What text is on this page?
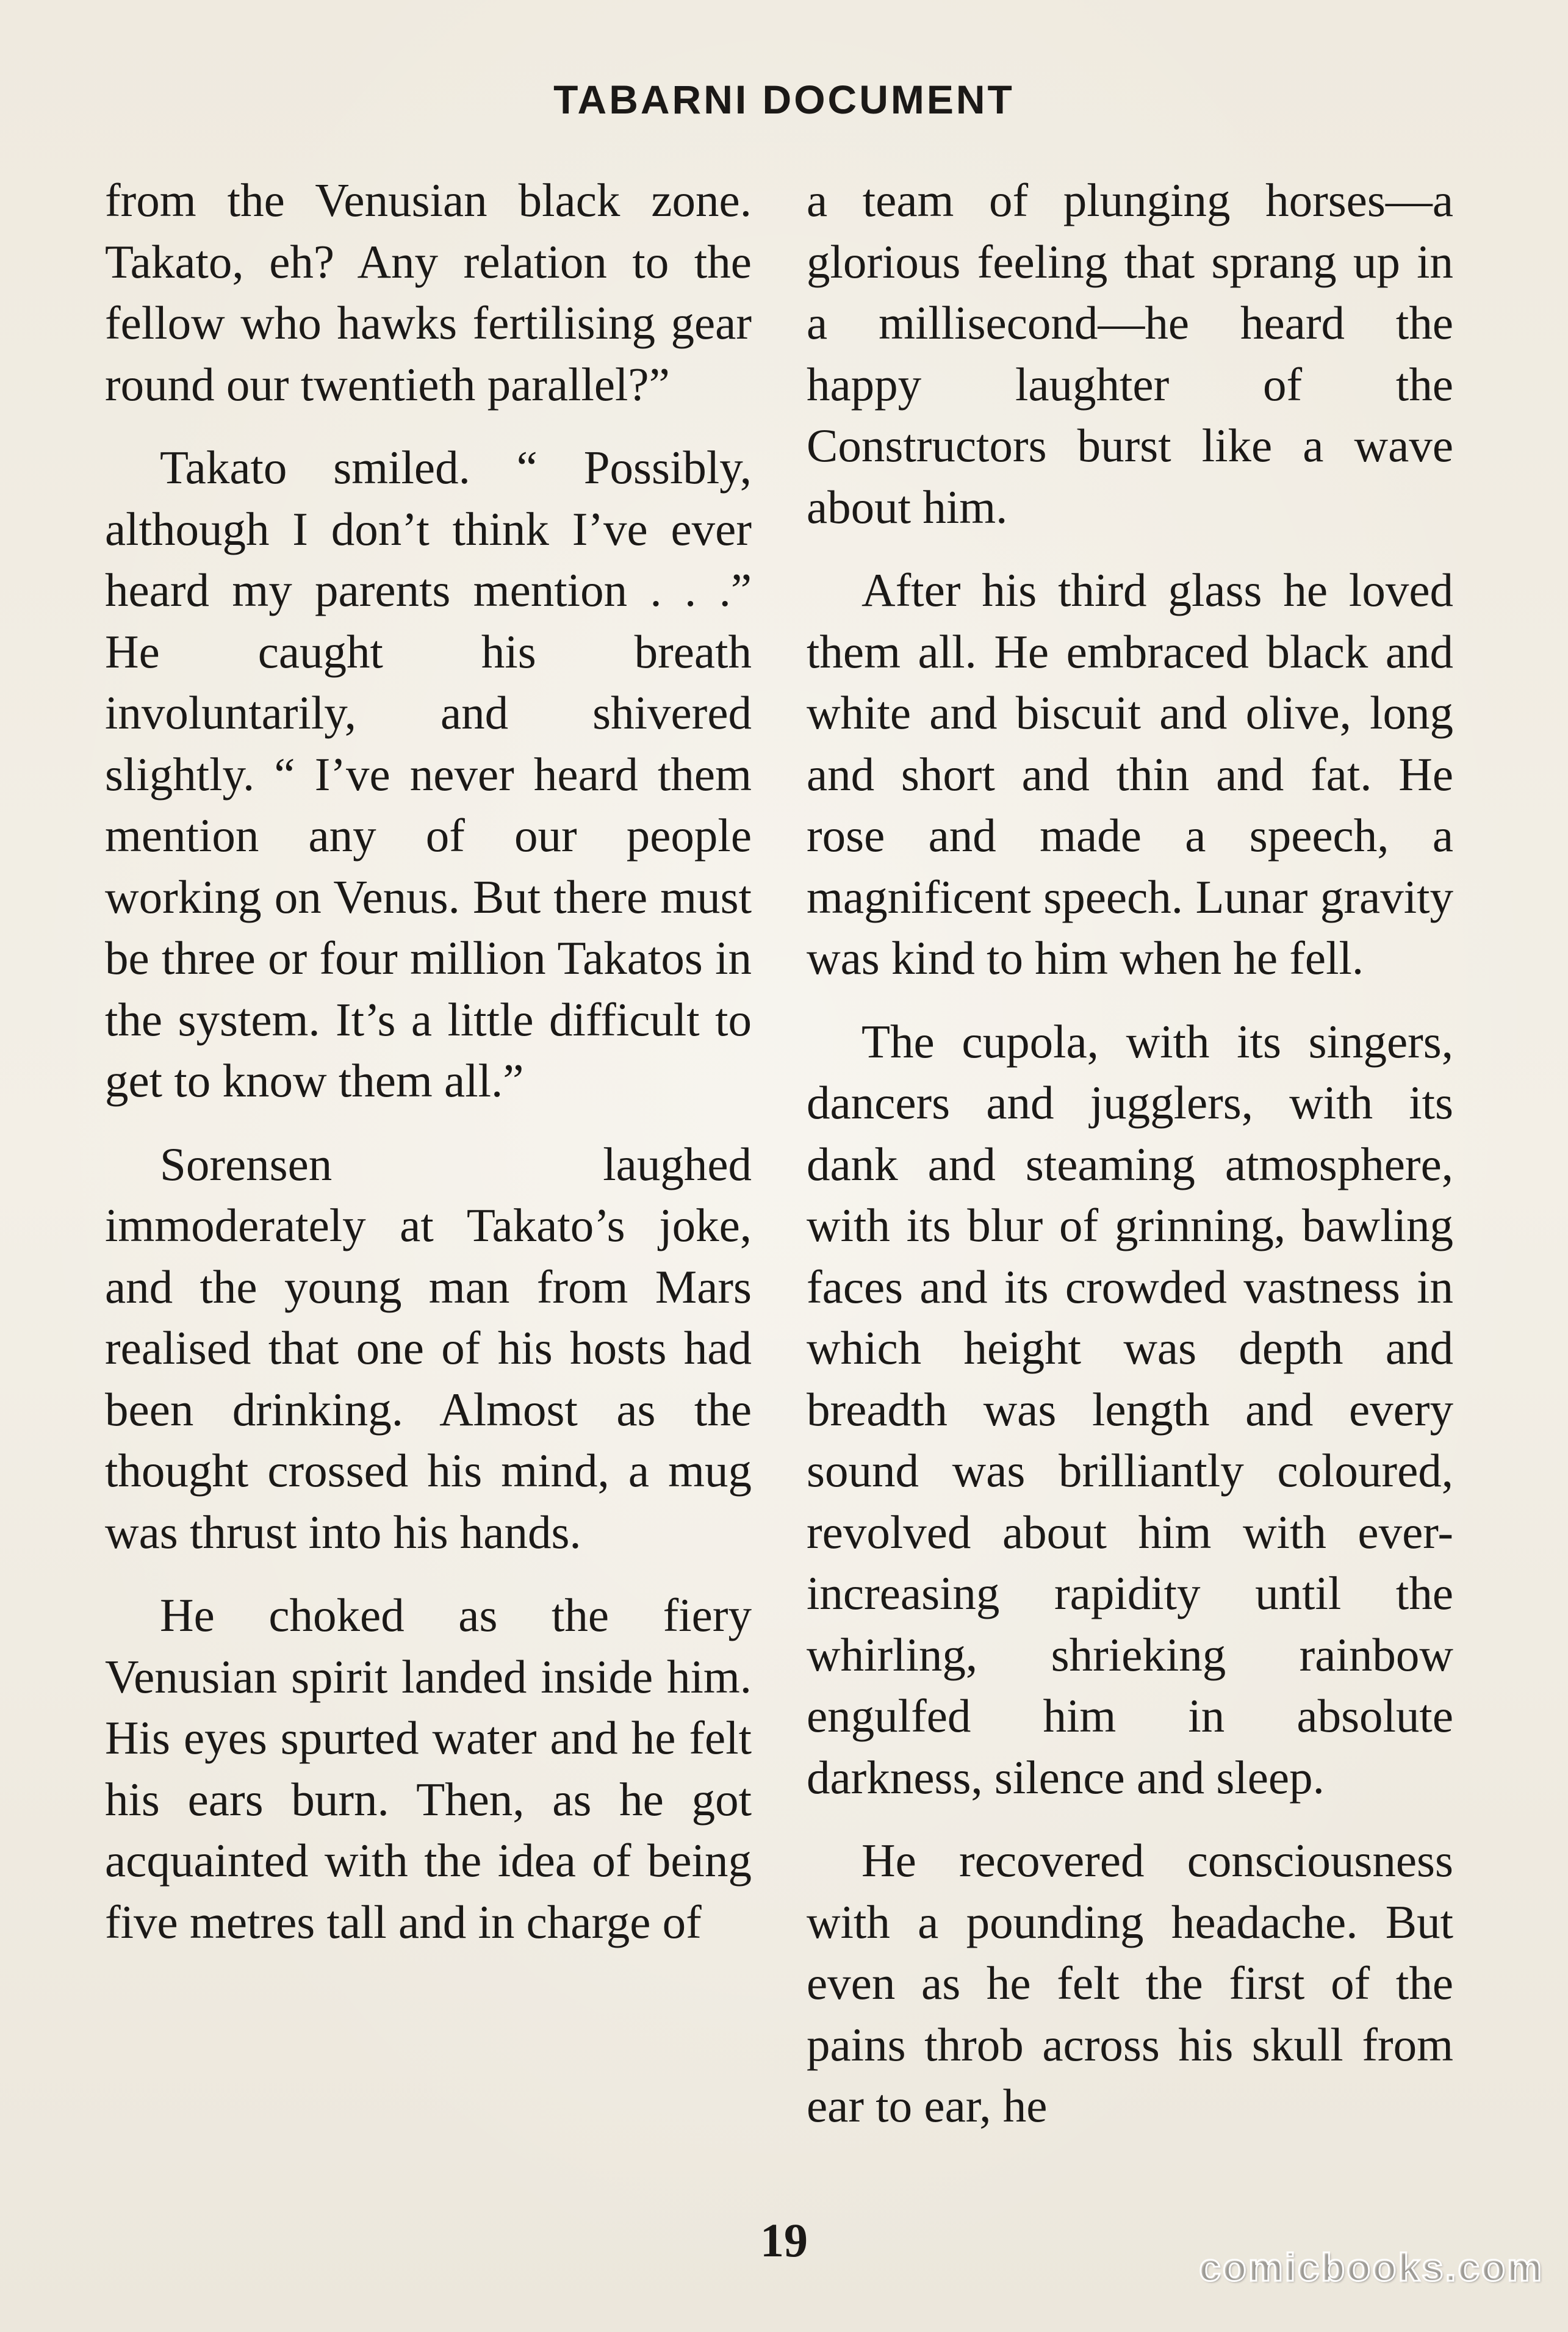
TABARNI DOCUMENT

from the Venusian black zone. Takato, eh? Any relation to the fellow who hawks fertilising gear round our twentieth parallel?”

Takato smiled. “ Possibly, although I don’t think I’ve ever heard my parents mention . . .” He caught his breath involuntarily, and shivered slightly. “ I’ve never heard them mention any of our people working on Venus. But there must be three or four million Takatos in the system. It’s a little difficult to get to know them all.”

Sorensen laughed immoderately at Takato’s joke, and the young man from Mars realised that one of his hosts had been drinking. Almost as the thought crossed his mind, a mug was thrust into his hands.

He choked as the fiery Venusian spirit landed inside him. His eyes spurted water and he felt his ears burn. Then, as he got acquainted with the idea of being five metres tall and in charge of

a team of plunging horses—a glorious feeling that sprang up in a millisecond—he heard the happy laughter of the Constructors burst like a wave about him.

After his third glass he loved them all. He embraced black and white and biscuit and olive, long and short and thin and fat. He rose and made a speech, a magnificent speech. Lunar gravity was kind to him when he fell.

The cupola, with its singers, dancers and jugglers, with its dank and steaming atmosphere, with its blur of grinning, bawling faces and its crowded vastness in which height was depth and breadth was length and every sound was brilliantly coloured, revolved about him with ever-increasing rapidity until the whirling, shrieking rainbow engulfed him in absolute darkness, silence and sleep.

He recovered consciousness with a pounding headache. But even as he felt the first of the pains throb across his skull from ear to ear, he

19
comicbooks.com
